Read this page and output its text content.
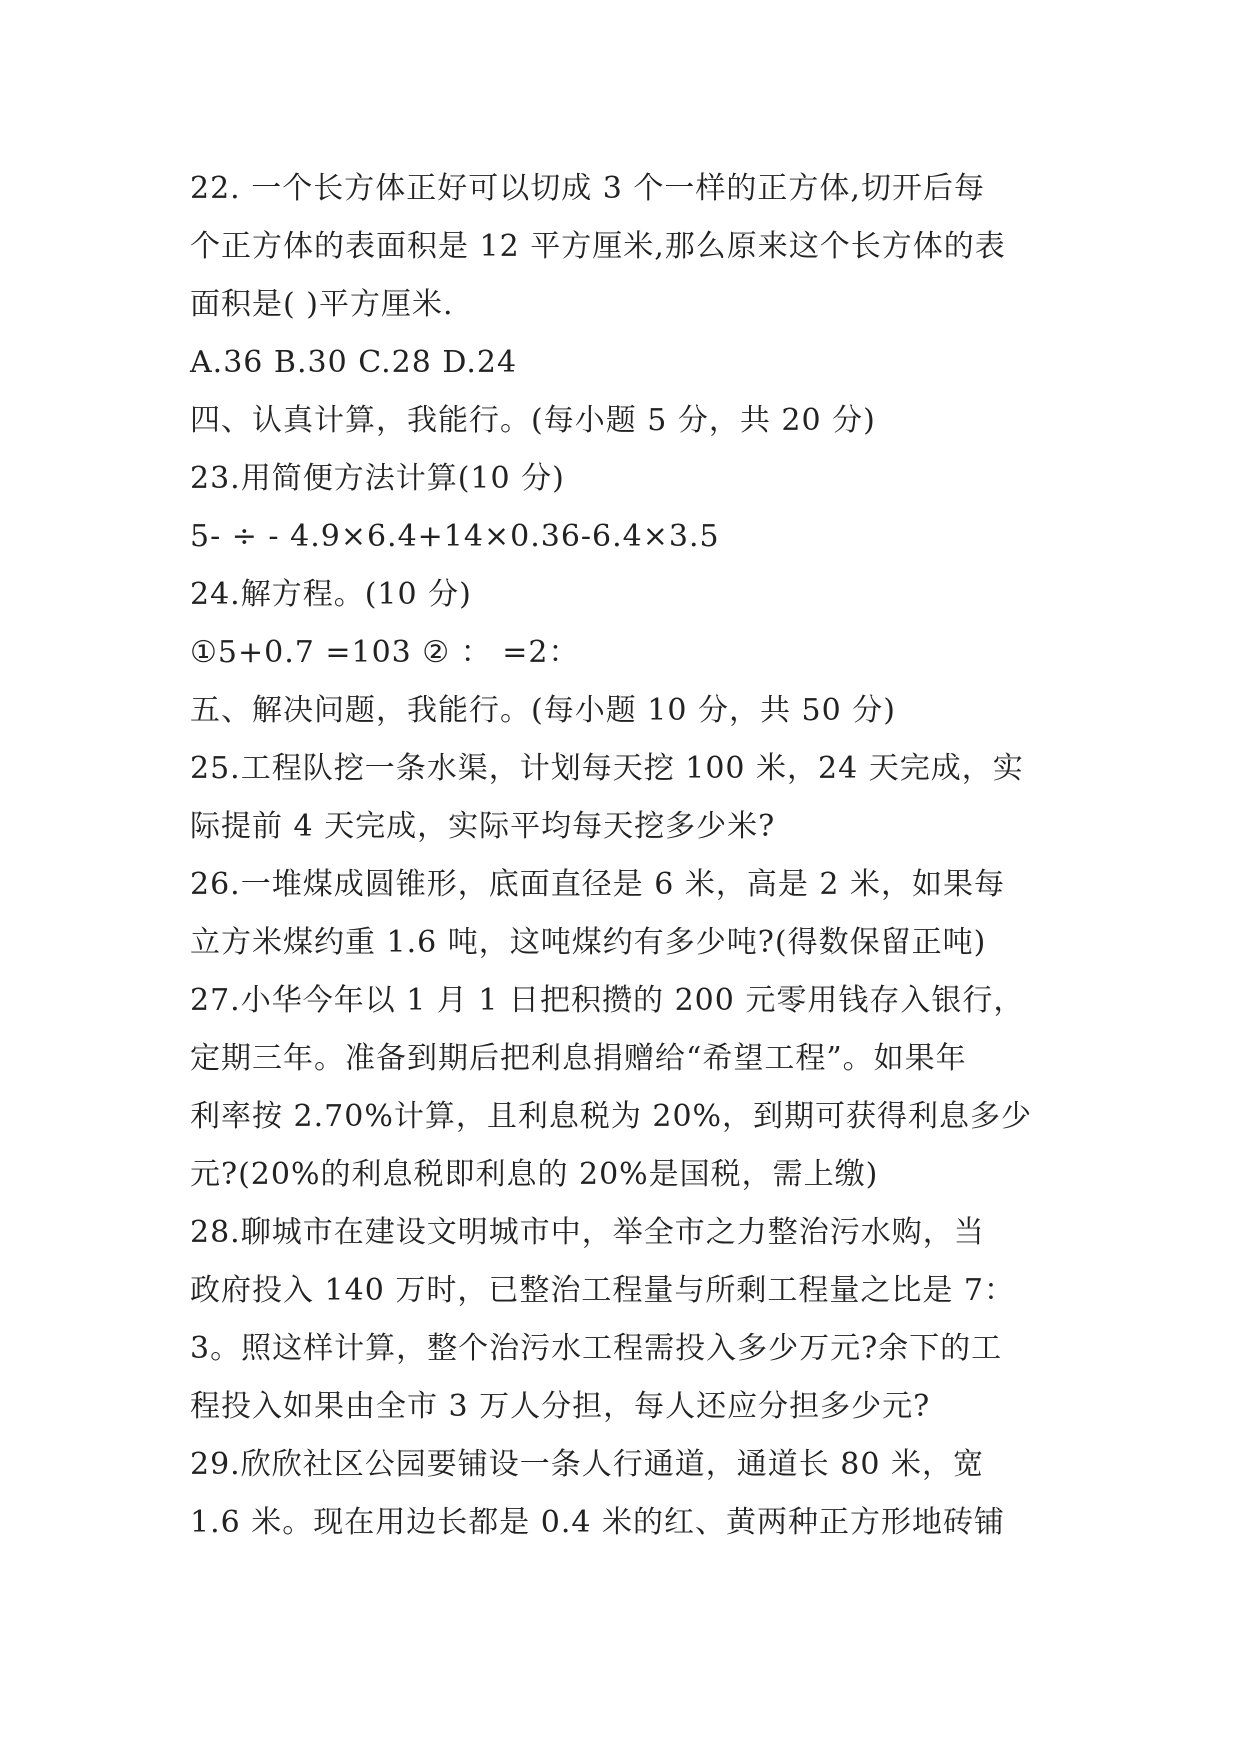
22. 一个长方体正好可以切成 3 个一样的正方体,切开后每
个正方体的表面积是 12 平方厘米,那么原来这个长方体的表
面积是( )平方厘米.
A.36 B.30 C.28 D.24
四、认真计算，我能行。(每小题 5 分，共 20 分)
23.用简便方法计算(10 分)
5- ÷ - 4.9×6.4+14×0.36-6.4×3.5
24.解方程。(10 分)
①5+0.7 =103 ② ： =2：
五、解决问题，我能行。(每小题 10 分，共 50 分)
25.工程队挖一条水渠，计划每天挖 100 米，24 天完成，实
际提前 4 天完成，实际平均每天挖多少米?
26.一堆煤成圆锥形，底面直径是 6 米，高是 2 米，如果每
立方米煤约重 1.6 吨，这吨煤约有多少吨?(得数保留正吨)
27.小华今年以 1 月 1 日把积攒的 200 元零用钱存入银行，
定期三年。准备到期后把利息捐赠给“希望工程”。如果年
利率按 2.70%计算，且利息税为 20%，到期可获得利息多少
元?(20%的利息税即利息的 20%是国税，需上缴)
28.聊城市在建设文明城市中，举全市之力整治污水购，当
政府投入 140 万时，已整治工程量与所剩工程量之比是 7：
3。照这样计算，整个治污水工程需投入多少万元?余下的工
程投入如果由全市 3 万人分担，每人还应分担多少元?
29.欣欣社区公园要铺设一条人行通道，通道长 80 米，宽
1.6 米。现在用边长都是 0.4 米的红、黄两种正方形地砖铺
